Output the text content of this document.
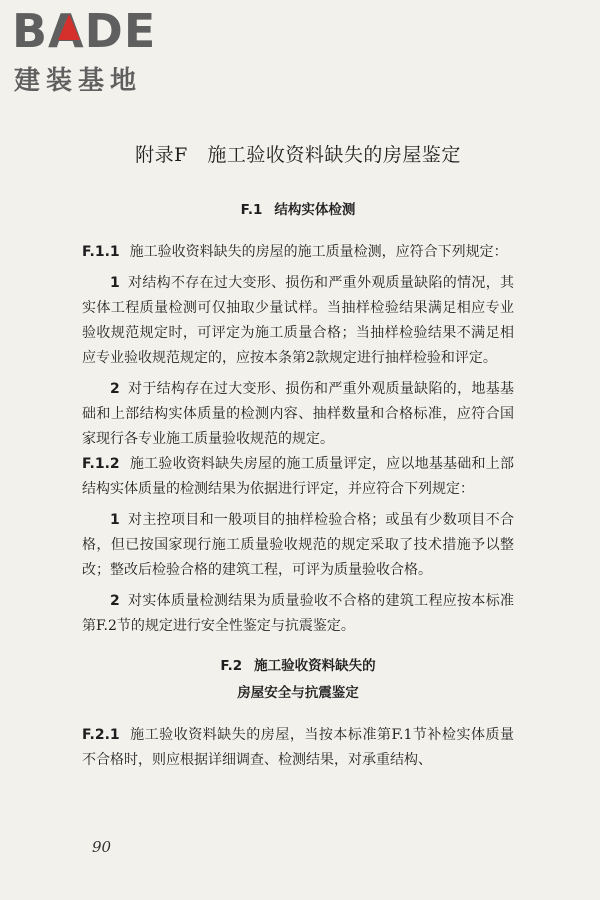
BADE
建装基地
附录F　施工验收资料缺失的房屋鉴定
F.1 结构实体检测

F.1.1 施工验收资料缺失的房屋的施工质量检测，应符合下列规定：

1 对结构不存在过大变形、损伤和严重外观质量缺陷的情况，其实体工程质量检测可仅抽取少量试样。当抽样检验结果满足相应专业验收规范规定时，可评定为施工质量合格；当抽样检验结果不满足相应专业验收规范规定的，应按本条第2款规定进行抽样检验和评定。

2 对于结构存在过大变形、损伤和严重外观质量缺陷的，地基基础和上部结构实体质量的检测内容、抽样数量和合格标准，应符合国家现行各专业施工质量验收规范的规定。

F.1.2 施工验收资料缺失房屋的施工质量评定，应以地基基础和上部结构实体质量的检测结果为依据进行评定，并应符合下列规定：

1 对主控项目和一般项目的抽样检验合格；或虽有少数项目不合格，但已按国家现行施工质量验收规范的规定采取了技术措施予以整改；整改后检验合格的建筑工程，可评为质量验收合格。

2 对实体质量检测结果为质量验收不合格的建筑工程应按本标准第F.2节的规定进行安全性鉴定与抗震鉴定。

F.2 施工验收资料缺失的
房屋安全与抗震鉴定

F.2.1 施工验收资料缺失的房屋，当按本标准第F.1节补检实体质量不合格时，则应根据详细调查、检测结果，对承重结构、

90
